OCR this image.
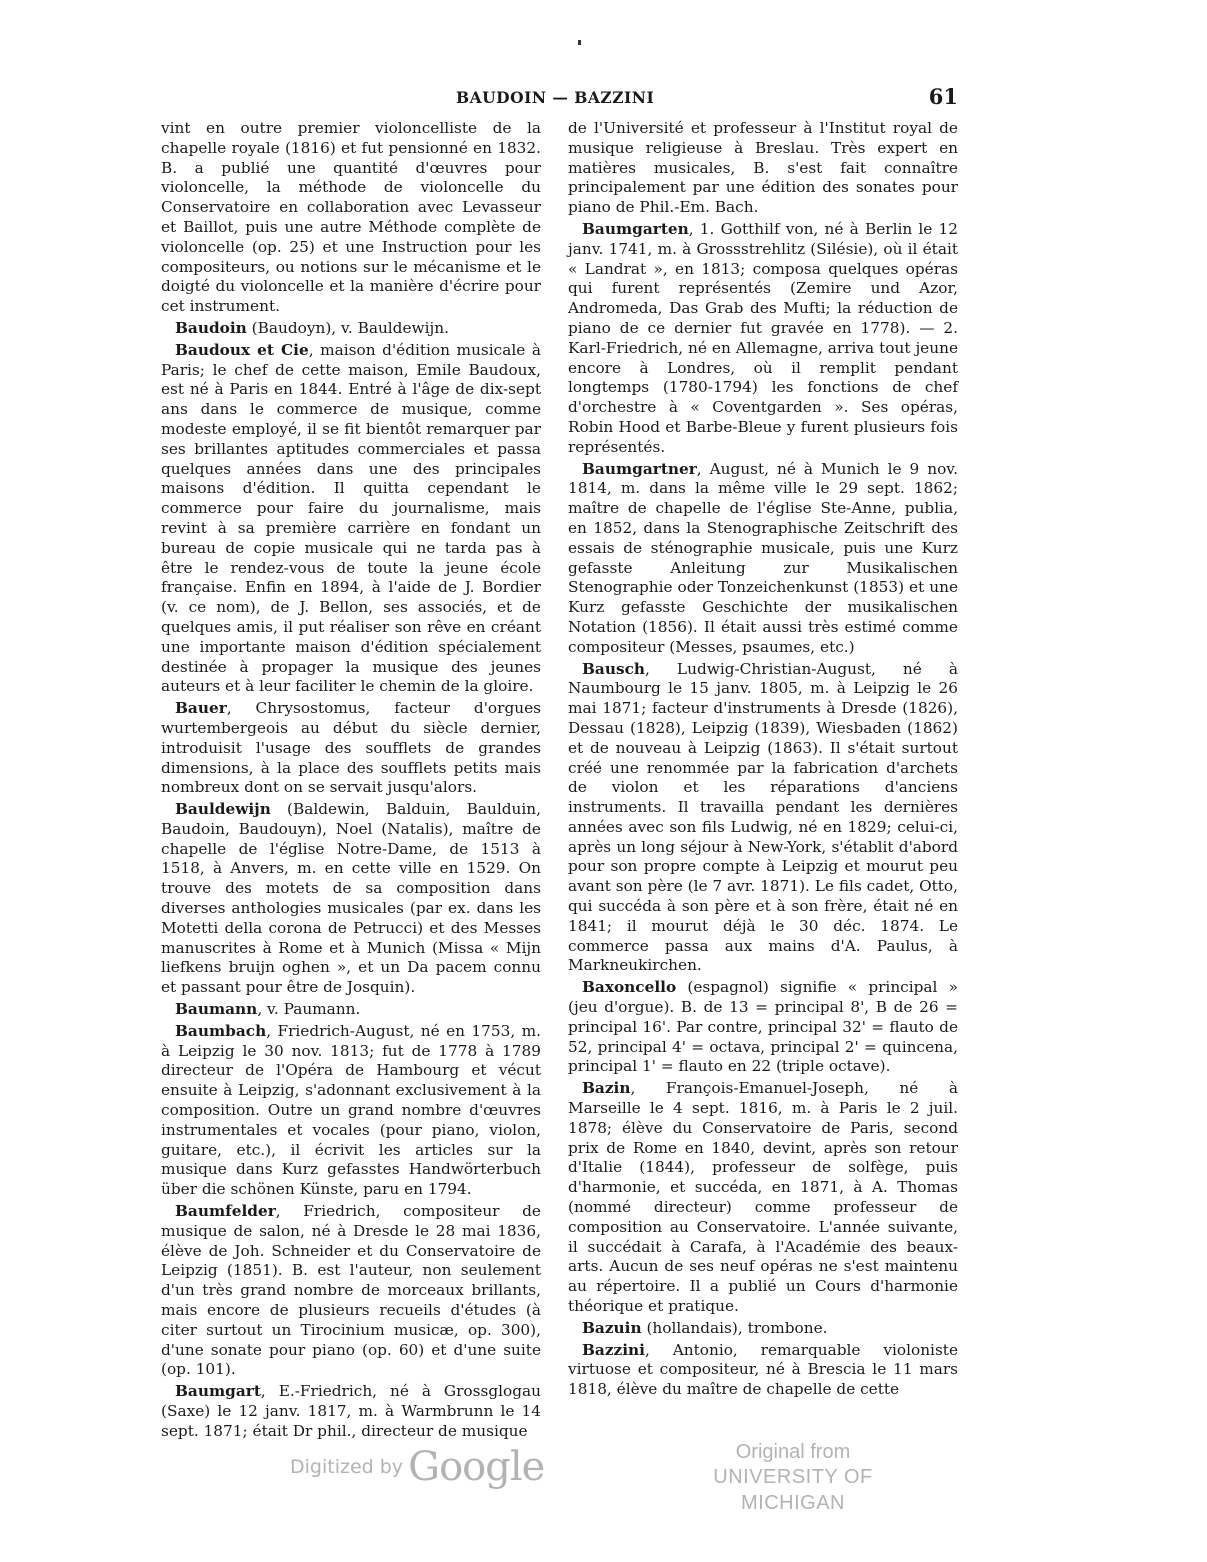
BAUDOIN — BAZZINI	61

vint en outre premier violoncelliste de la chapelle royale (1816) et fut pensionné en 1832. B. a publié une quantité d'œuvres pour violoncelle, la méthode de violoncelle du Conservatoire en collaboration avec Levasseur et Baillot, puis une autre Méthode complète de violoncelle (op. 25) et une Instruction pour les compositeurs, ou notions sur le mécanisme et le doigté du violoncelle et la manière d'écrire pour cet instrument.

Baudoin (Baudoyn), v. Bauldewijn.

Baudoux et Cie, maison d'édition musicale à Paris; le chef de cette maison, Emile Baudoux, est né à Paris en 1844. Entré à l'âge de dix-sept ans dans le commerce de musique, comme modeste employé, il se fit bientôt remarquer par ses brillantes aptitudes commerciales et passa quelques années dans une des principales maisons d'édition. Il quitta cependant le commerce pour faire du journalisme, mais revint à sa première carrière en fondant un bureau de copie musicale qui ne tarda pas à être le rendez-vous de toute la jeune école française. Enfin en 1894, à l'aide de J. Bordier (v. ce nom), de J. Bellon, ses associés, et de quelques amis, il put réaliser son rêve en créant une importante maison d'édition spécialement destinée à propager la musique des jeunes auteurs et à leur faciliter le chemin de la gloire.

Bauer, Chrysostomus, facteur d'orgues wurtembergeois au début du siècle dernier, introduisit l'usage des soufflets de grandes dimensions, à la place des soufflets petits mais nombreux dont on se servait jusqu'alors.

Bauldewijn (Baldewin, Balduin, Baulduin, Baudoin, Baudouyn), Noel (Natalis), maître de chapelle de l'église Notre-Dame, de 1513 à 1518, à Anvers, m. en cette ville en 1529. On trouve des motets de sa composition dans diverses anthologies musicales (par ex. dans les Motetti della corona de Petrucci) et des Messes manuscrites à Rome et à Munich (Missa « Mijn liefkens bruijn oghen », et un Da pacem connu et passant pour être de Josquin).

Baumann, v. Paumann.

Baumbach, Friedrich-August, né en 1753, m. à Leipzig le 30 nov. 1813; fut de 1778 à 1789 directeur de l'Opéra de Hambourg et vécut ensuite à Leipzig, s'adonnant exclusivement à la composition. Outre un grand nombre d'œuvres instrumentales et vocales (pour piano, violon, guitare, etc.), il écrivit les articles sur la musique dans Kurz gefasstes Handwörterbuch über die schönen Künste, paru en 1794.

Baumfelder, Friedrich, compositeur de musique de salon, né à Dresde le 28 mai 1836, élève de Joh. Schneider et du Conservatoire de Leipzig (1851). B. est l'auteur, non seulement d'un très grand nombre de morceaux brillants, mais encore de plusieurs recueils d'études (à citer surtout un Tirocinium musicæ, op. 300), d'une sonate pour piano (op. 60) et d'une suite (op. 101).

Baumgart, E.-Friedrich, né à Grossglogau (Saxe) le 12 janv. 1817, m. à Warmbrunn le 14 sept. 1871; était Dr phil., directeur de musique

de l'Université et professeur à l'Institut royal de musique religieuse à Breslau. Très expert en matières musicales, B. s'est fait connaître principalement par une édition des sonates pour piano de Phil.-Em. Bach.

Baumgarten, 1. Gotthilf von, né à Berlin le 12 janv. 1741, m. à Grossstrehlitz (Silésie), où il était « Landrat », en 1813; composa quelques opéras qui furent représentés (Zemire und Azor, Andromeda, Das Grab des Mufti; la réduction de piano de ce dernier fut gravée en 1778). — 2. Karl-Friedrich, né en Allemagne, arriva tout jeune encore à Londres, où il remplit pendant longtemps (1780-1794) les fonctions de chef d'orchestre à « Coventgarden ». Ses opéras, Robin Hood et Barbe-Bleue y furent plusieurs fois représentés.

Baumgartner, August, né à Munich le 9 nov. 1814, m. dans la même ville le 29 sept. 1862; maître de chapelle de l'église Ste-Anne, publia, en 1852, dans la Stenographische Zeitschrift des essais de sténographie musicale, puis une Kurz gefasste Anleitung zur Musikalischen Stenographie oder Tonzeichenkunst (1853) et une Kurz gefasste Geschichte der musikalischen Notation (1856). Il était aussi très estimé comme compositeur (Messes, psaumes, etc.)

Bausch, Ludwig-Christian-August, né à Naumbourg le 15 janv. 1805, m. à Leipzig le 26 mai 1871; facteur d'instruments à Dresde (1826), Dessau (1828), Leipzig (1839), Wiesbaden (1862) et de nouveau à Leipzig (1863). Il s'était surtout créé une renommée par la fabrication d'archets de violon et les réparations d'anciens instruments. Il travailla pendant les dernières années avec son fils Ludwig, né en 1829; celui-ci, après un long séjour à New-York, s'établit d'abord pour son propre compte à Leipzig et mourut peu avant son père (le 7 avr. 1871). Le fils cadet, Otto, qui succéda à son père et à son frère, était né en 1841; il mourut déjà le 30 déc. 1874. Le commerce passa aux mains d'A. Paulus, à Markneukirchen.

Baxoncello (espagnol) signifie « principal » (jeu d'orgue). B. de 13 = principal 8', B de 26 = principal 16'. Par contre, principal 32' = flauto de 52, principal 4' = octava, principal 2' = quincena, principal 1' = flauto en 22 (triple octave).

Bazin, François-Emanuel-Joseph, né à Marseille le 4 sept. 1816, m. à Paris le 2 juil. 1878; élève du Conservatoire de Paris, second prix de Rome en 1840, devint, après son retour d'Italie (1844), professeur de solfège, puis d'harmonie, et succéda, en 1871, à A. Thomas (nommé directeur) comme professeur de composition au Conservatoire. L'année suivante, il succédait à Carafa, à l'Académie des beaux-arts. Aucun de ses neuf opéras ne s'est maintenu au répertoire. Il a publié un Cours d'harmonie théorique et pratique.

Bazuin (hollandais), trombone.

Bazzini, Antonio, remarquable violoniste virtuose et compositeur, né à Brescia le 11 mars 1818, élève du maître de chapelle de cette

Digitized by Google	Original from
UNIVERSITY OF MICHIGAN
